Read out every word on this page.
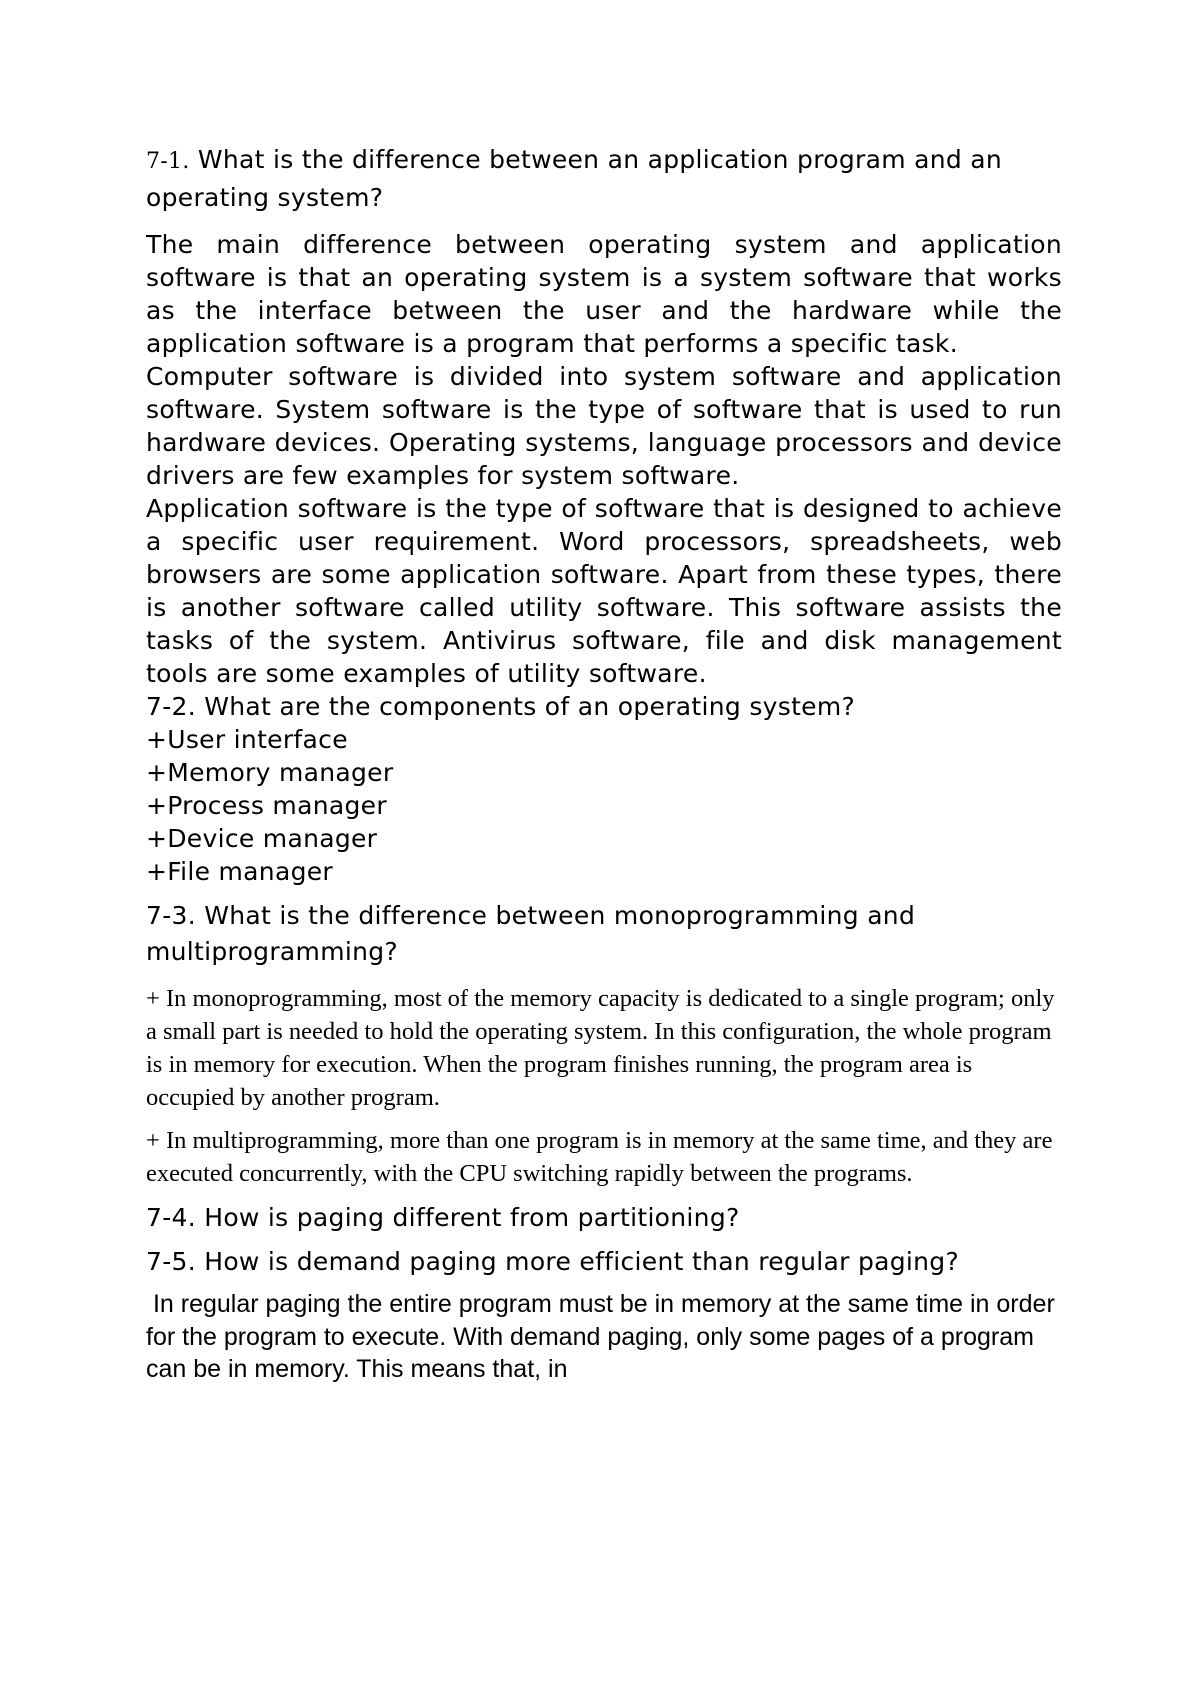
7-1. What is the difference between an application program and an operating system?

The main difference between operating system and application software is that an operating system is a system software that works as the interface between the user and the hardware while the application software is a program that performs a specific task.

Computer software is divided into system software and application software. System software is the type of software that is used to run hardware devices. Operating systems, language processors and device drivers are few examples for system software.

Application software is the type of software that is designed to achieve a specific user requirement. Word processors, spreadsheets, web browsers are some application software. Apart from these types, there is another software called utility software. This software assists the tasks of the system. Antivirus software, file and disk management tools are some examples of utility software.

7-2. What are the components of an operating system?

+User interface

+Memory manager

+Process manager

+Device manager

+File manager

7-3. What is the difference between monoprogramming and multiprogramming?

+ In monoprogramming, most of the memory capacity is dedicated to a single program; only a small part is needed to hold the operating system. In this configuration, the whole program is in memory for execution. When the program finishes running, the program area is occupied by another program.

+ In multiprogramming, more than one program is in memory at the same time, and they are executed concurrently, with the CPU switching rapidly between the programs.

7-4. How is paging different from partitioning?

7-5. How is demand paging more efficient than regular paging?

In regular paging the entire program must be in memory at the same time in order for the program to execute. With demand paging, only some pages of a program can be in memory. This means that, in
